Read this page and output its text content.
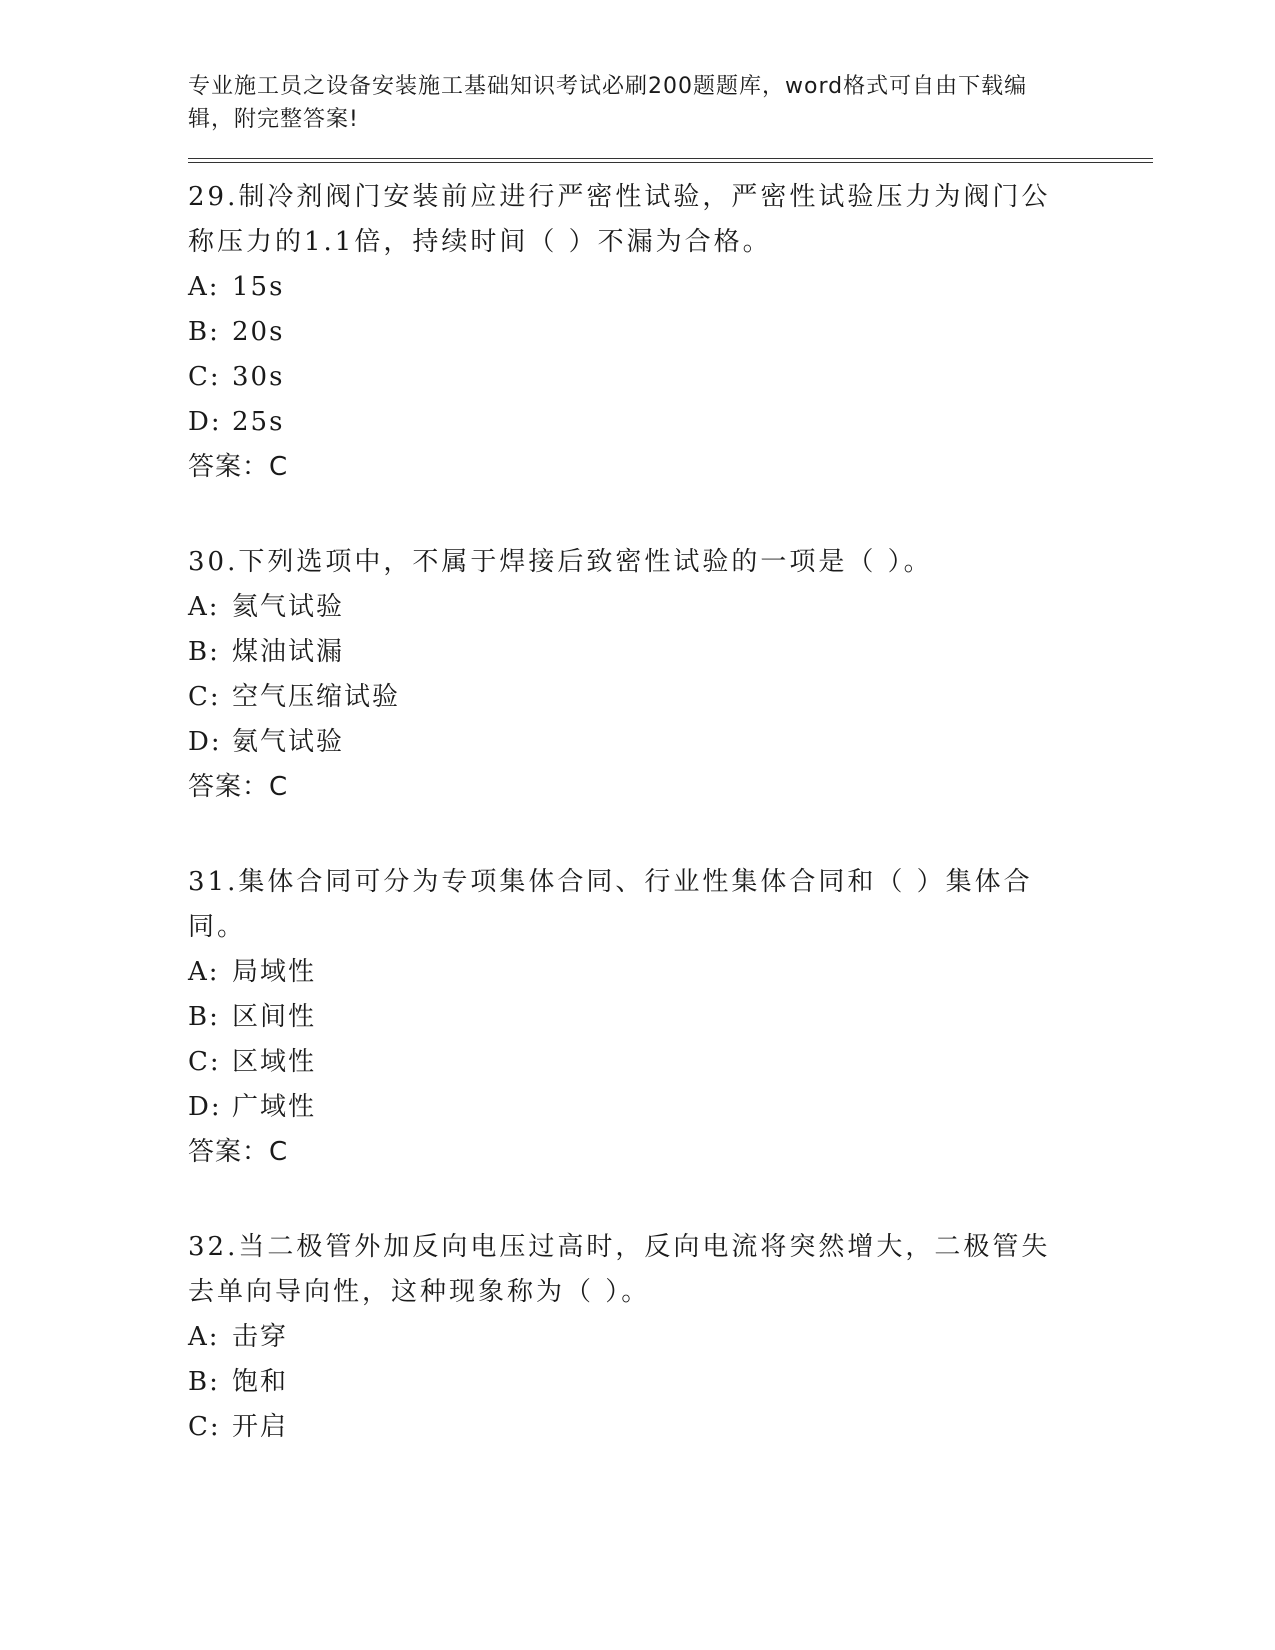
专业施工员之设备安装施工基础知识考试必刷200题题库，word格式可自由下载编辑，附完整答案!
29.制冷剂阀门安装前应进行严密性试验，严密性试验压力为阀门公称压力的1.1倍，持续时间（ ）不漏为合格。
A: 15s
B: 20s
C: 30s
D: 25s
答案：C
30.下列选项中，不属于焊接后致密性试验的一项是（ ）。
A: 氦气试验
B: 煤油试漏
C: 空气压缩试验
D: 氨气试验
答案：C
31.集体合同可分为专项集体合同、行业性集体合同和（ ）集体合同。
A: 局域性
B: 区间性
C: 区域性
D: 广域性
答案：C
32.当二极管外加反向电压过高时，反向电流将突然增大，二极管失去单向导向性，这种现象称为（ ）。
A: 击穿
B: 饱和
C: 开启
